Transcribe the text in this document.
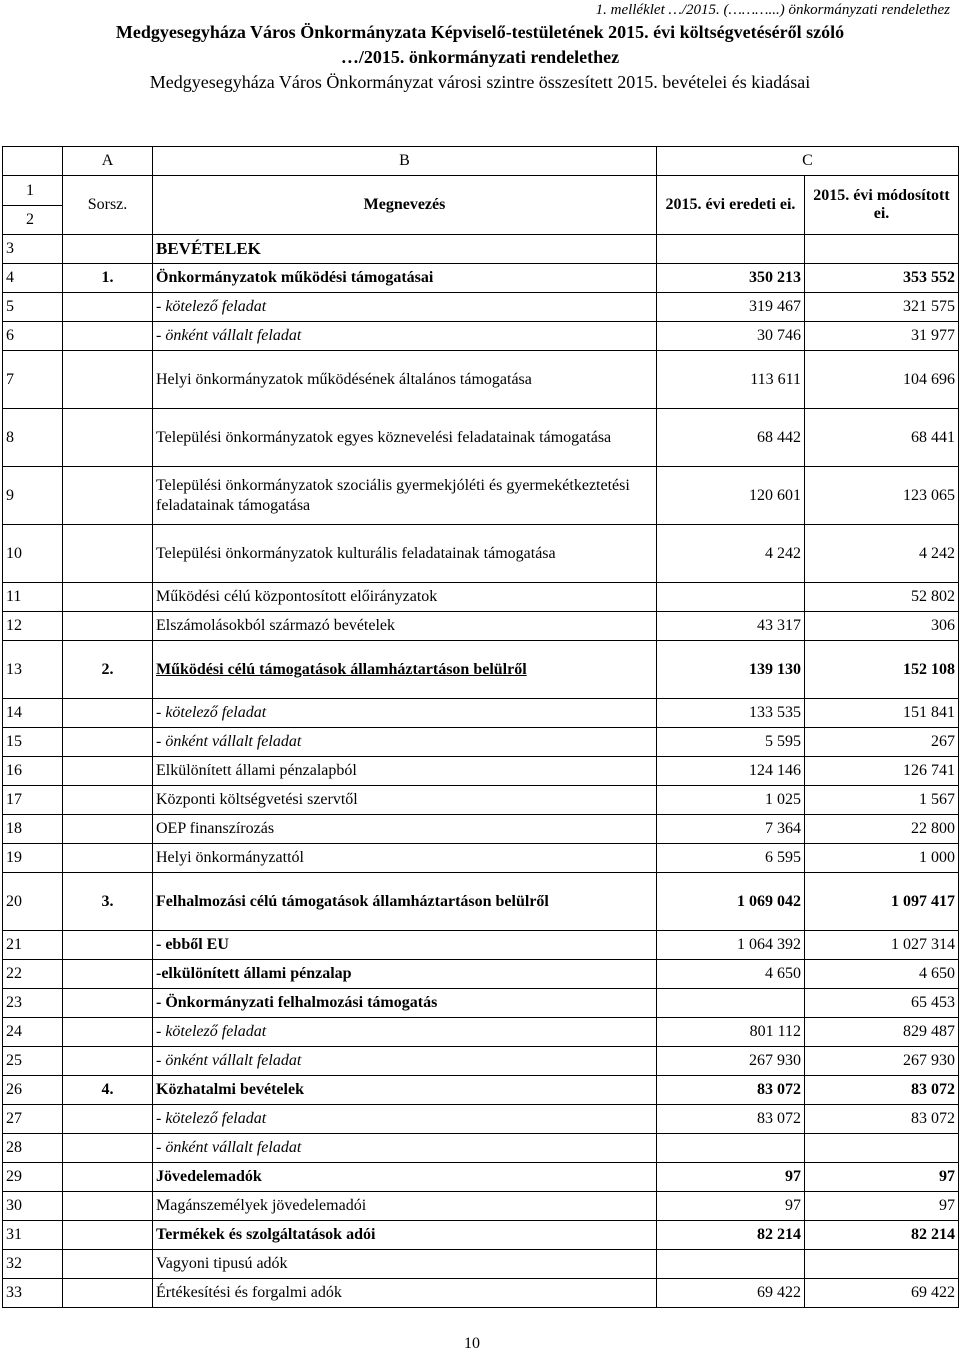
1. melléklet …/2015. (………...) önkormányzati rendelethez
Medgyesegyháza Város Önkormányzata Képviselő-testületének 2015. évi költségvetéséről szóló
…/2015. önkormányzati rendelethez
Medgyesegyháza Város Önkormányzat városi szintre összesített 2015. bevételei és kiadásai
	A	B	C	

1
2	Sorsz.	Megnevezés	2015. évi eredeti ei.	2015. évi módosított ei.
3		BEVÉTELEK		
4	1.	Önkormányzatok működési támogatásai	350 213	353 552
5		- kötelező feladat	319 467	321 575
6		- önként vállalt feladat	30 746	31 977
7		Helyi önkormányzatok működésének általános támogatása	113 611	104 696
8		Települési önkormányzatok egyes köznevelési feladatainak támogatása	68 442	68 441
9		Települési önkormányzatok szociális gyermekjóléti és gyermekétkeztetési feladatainak támogatása	120 601	123 065
10		Települési önkormányzatok kulturális feladatainak támogatása	4 242	4 242
11		Működési célú központosított előirányzatok		52 802
12		Elszámolásokból származó bevételek	43 317	306
13	2.	Működési célú támogatások államháztartáson belülről	139 130	152 108
14		- kötelező feladat	133 535	151 841
15		- önként vállalt feladat	5 595	267
16		Elkülönített állami pénzalapból	124 146	126 741
17		Központi költségvetési szervtől	1 025	1 567
18		OEP finanszírozás	7 364	22 800
19		Helyi önkormányzattól	6 595	1 000
20	3.	Felhalmozási célú támogatások államháztartáson belülről	1 069 042	1 097 417
21		- ebből EU	1 064 392	1 027 314
22		-elkülönített állami pénzalap	4 650	4 650
23		- Önkormányzati felhalmozási támogatás		65 453
24		- kötelező feladat	801 112	829 487
25		- önként vállalt feladat	267 930	267 930
26	4.	Közhatalmi bevételek	83 072	83 072
27		- kötelező feladat	83 072	83 072
28		- önként vállalt feladat		
29		Jövedelemadók	97	97
30		Magánszemélyek jövedelemadói	97	97
31		Termékek és szolgáltatások adói	82 214	82 214
32		Vagyoni tipusú adók		
33		Értékesítési és forgalmi adók	69 422	69 422
10
